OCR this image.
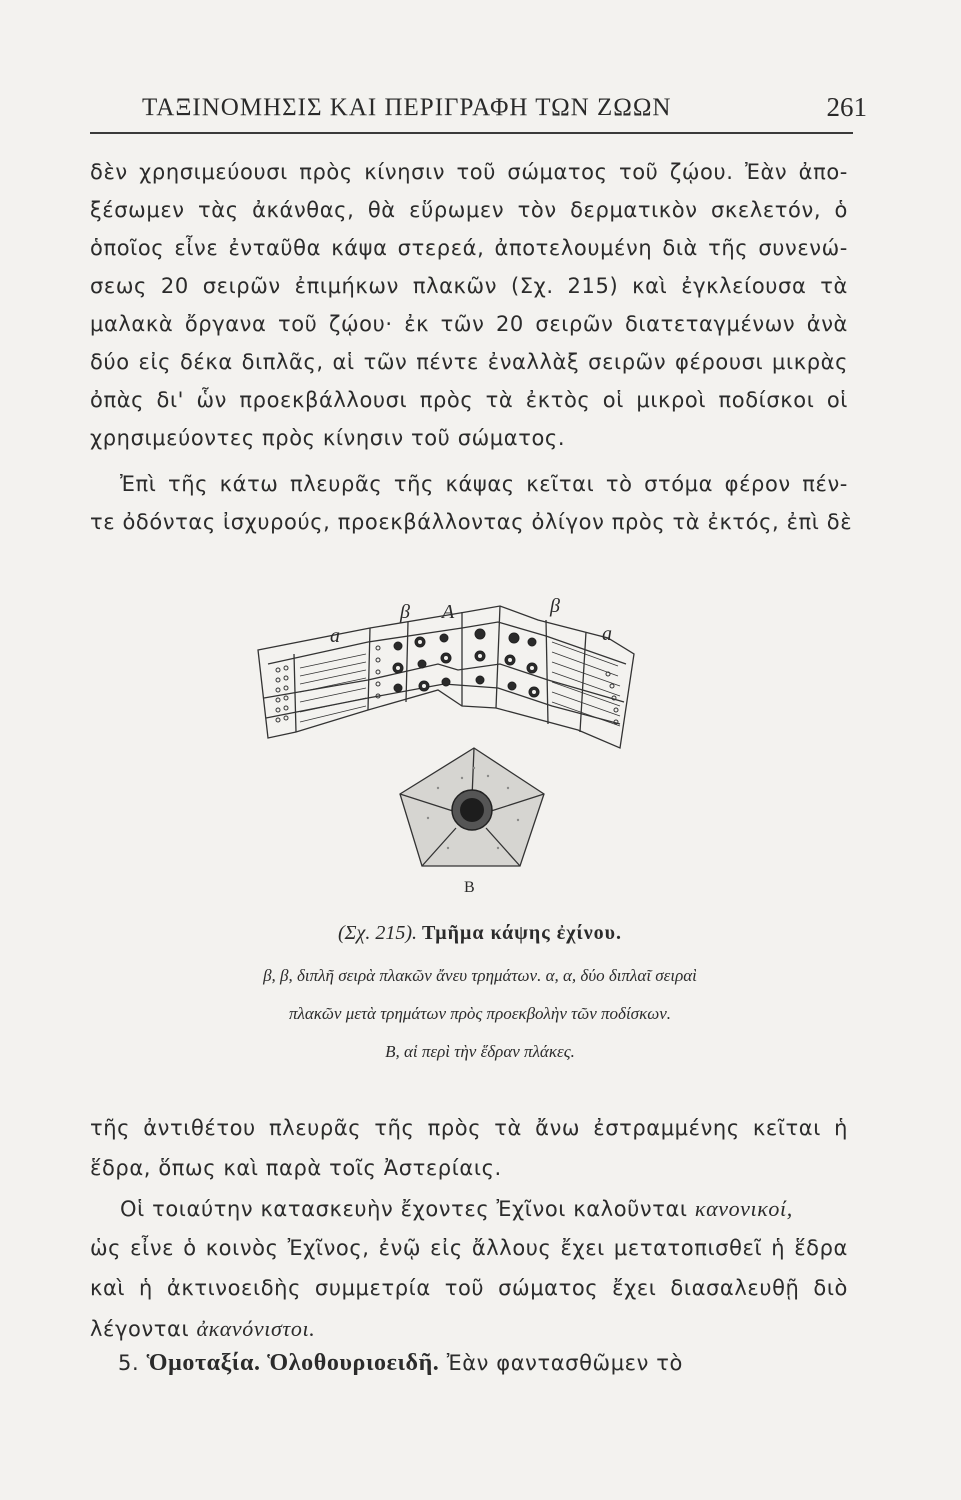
ΤΑΞΙΝΟΜΗΣΙΣ ΚΑΙ ΠΕΡΙΓΡΑΦΗ ΤΩΝ ΖΩΩΝ	261
δὲν χρησιμεύουσι πρὸς κίνησιν τοῦ σώματος τοῦ ζῴου. Ἐὰν ἀπο-
ξέσωμεν τὰς ἀκάνθας, θὰ εὕρωμεν τὸν δερματικὸν σκελετόν, ὁ
ὁποῖος εἶνε ἐνταῦθα κάψα στερεά, ἀποτελουμένη διὰ τῆς συνενώ-
σεως 20 σειρῶν ἐπιμήκων πλακῶν (Σχ. 215) καὶ ἐγκλείουσα τὰ
μαλακὰ ὄργανα τοῦ ζῴου· ἐκ τῶν 20 σειρῶν διατεταγμένων ἀνὰ
δύο εἰς δέκα διπλᾶς, αἱ τῶν πέντε ἐναλλὰξ σειρῶν φέρουσι μικρὰς
ὀπὰς δι' ὧν προεκβάλλουσι πρὸς τὰ ἐκτὸς οἱ μικροὶ ποδίσκοι οἱ
χρησιμεύοντες πρὸς κίνησιν τοῦ σώματος.
Ἐπὶ τῆς κάτω πλευρᾶς τῆς κάψας κεῖται τὸ στόμα φέρον πέν-
τε ὀδόντας ἰσχυρούς, προεκβάλλοντας ὀλίγον πρὸς τὰ ἐκτός, ἐπὶ δὲ
a
β A	β
a
B
(Σχ. 215). Τμῆμα κάψης ἐχίνου.
β, β, διπλῆ σειρὰ πλακῶν ἄνευ τρημάτων. α, α, δύο διπλαῖ σειραὶ
πλακῶν μετὰ τρημάτων πρὸς προεκβολὴν τῶν ποδίσκων.
Β, αἱ περὶ τὴν ἕδραν πλάκες.
τῆς ἀντιθέτου πλευρᾶς τῆς πρὸς τὰ ἄνω ἐστραμμένης κεῖται ἡ
ἕδρα, ὅπως καὶ παρὰ τοῖς Ἀστερίαις.
Οἱ τοιαύτην κατασκευὴν ἔχοντες Ἐχῖνοι καλοῦνται κανονικοί,
ὡς εἶνε ὁ κοινὸς Ἐχῖνος, ἐνῷ εἰς ἄλλους ἔχει μετατοπισθεῖ ἡ ἕδρα
καὶ ἡ ἀκτινοειδὴς συμμετρία τοῦ σώματος ἔχει διασαλευθῇ διὸ
λέγονται ἀκανόνιστοι.
5. Ὁμοταξία. Ὁλοθουριοειδῆ. Ἐὰν φαντασθῶμεν τὸ
